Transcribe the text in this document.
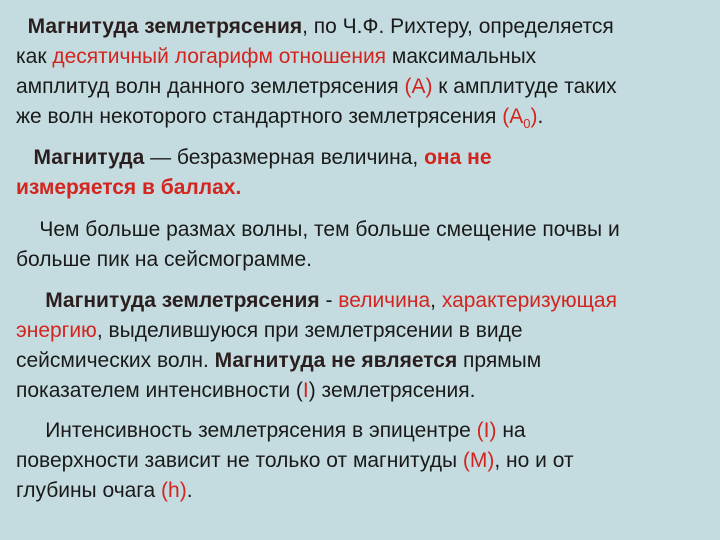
Магнитуда землетрясения, по Ч.Ф. Рихтеру, определяется
как десятичный логарифм отношения максимальных
амплитуд волн данного землетрясения (А) к амплитуде таких
же волн некоторого стандартного землетрясения $(А_0)$.

Магнитуда — безразмерная величина, она не
измеряется в баллах.

Чем больше размах волны, тем больше смещение почвы и
больше пик на сейсмограмме.

Магнитуда землетрясения - величина, характеризующая
энергию, выделившуюся при землетрясении в виде
сейсмических волн. Магнитуда не является прямым
показателем интенсивности (I) землетрясения.

Интенсивность землетрясения в эпицентре (I) на
поверхности зависит не только от магнитуды (М), но и от
глубины очага (h).
